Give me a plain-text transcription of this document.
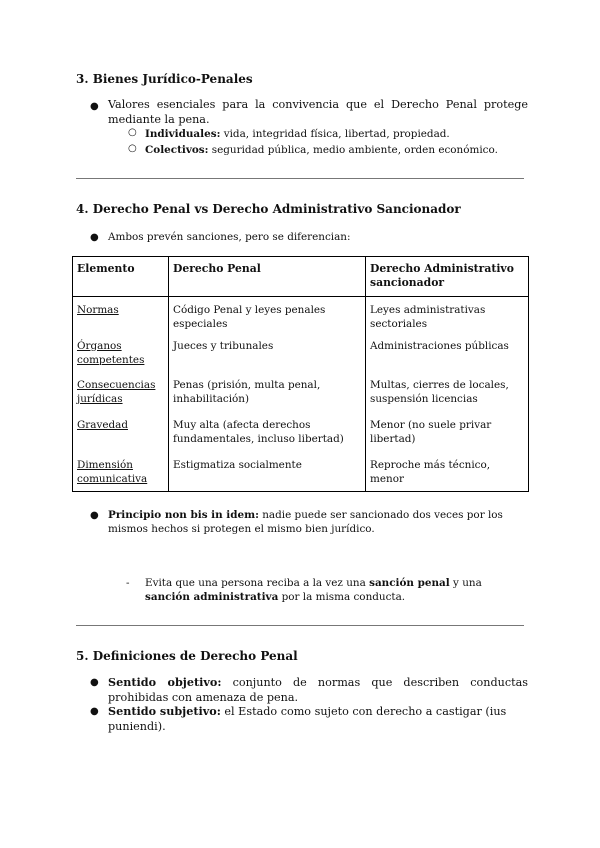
3. Bienes Jurídico-Penales
● Valores esenciales para la convivencia que el Derecho Penal protege mediante la pena.
○ Individuales: vida, integridad física, libertad, propiedad.
○ Colectivos: seguridad pública, medio ambiente, orden económico.
4. Derecho Penal vs Derecho Administrativo Sancionador
● Ambos prevén sanciones, pero se diferencian:
Elemento	Derecho Penal	Derecho Administrativo sancionador
Normas	Código Penal y leyes penales especiales	Leyes administrativas sectoriales
Órganos competentes	Jueces y tribunales	Administraciones públicas
Consecuencias jurídicas	Penas (prisión, multa penal, inhabilitación)	Multas, cierres de locales, suspensión licencias
Gravedad	Muy alta (afecta derechos fundamentales, incluso libertad)	Menor (no suele privar libertad)
Dimensión comunicativa	Estigmatiza socialmente	Reproche más técnico, menor
● Principio non bis in idem: nadie puede ser sancionado dos veces por los mismos hechos si protegen el mismo bien jurídico.
- Evita que una persona reciba a la vez una sanción penal y una sanción administrativa por la misma conducta.
5. Definiciones de Derecho Penal
● Sentido objetivo: conjunto de normas que describen conductas prohibidas con amenaza de pena.
● Sentido subjetivo: el Estado como sujeto con derecho a castigar (ius puniendi).
